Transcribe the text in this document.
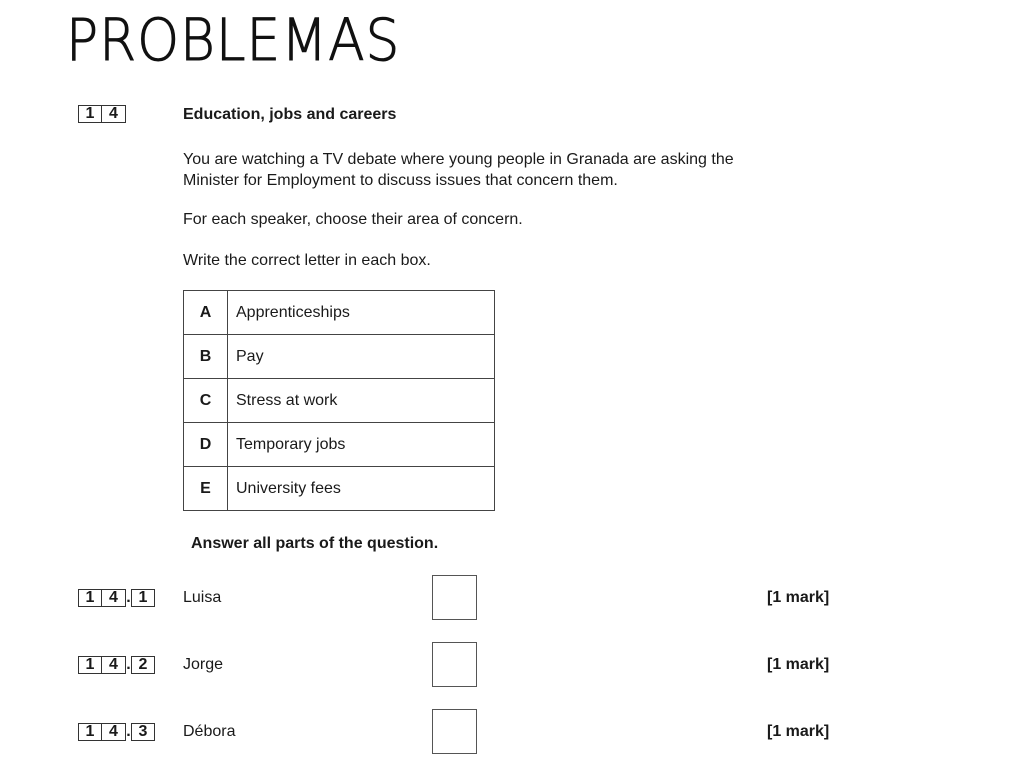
PROBLEMAS
1 4	Education, jobs and careers
You are watching a TV debate where young people in Granada are asking the
Minister for Employment to discuss issues that concern them.
For each speaker, choose their area of concern.
Write the correct letter in each box.
A	Apprenticeships
B	Pay
C	Stress at work
D	Temporary jobs
E	University fees
Answer all parts of the question.
1 4 . 1	Luisa	[1 mark]
1 4 . 2	Jorge	[1 mark]
1 4 . 3	Débora	[1 mark]
